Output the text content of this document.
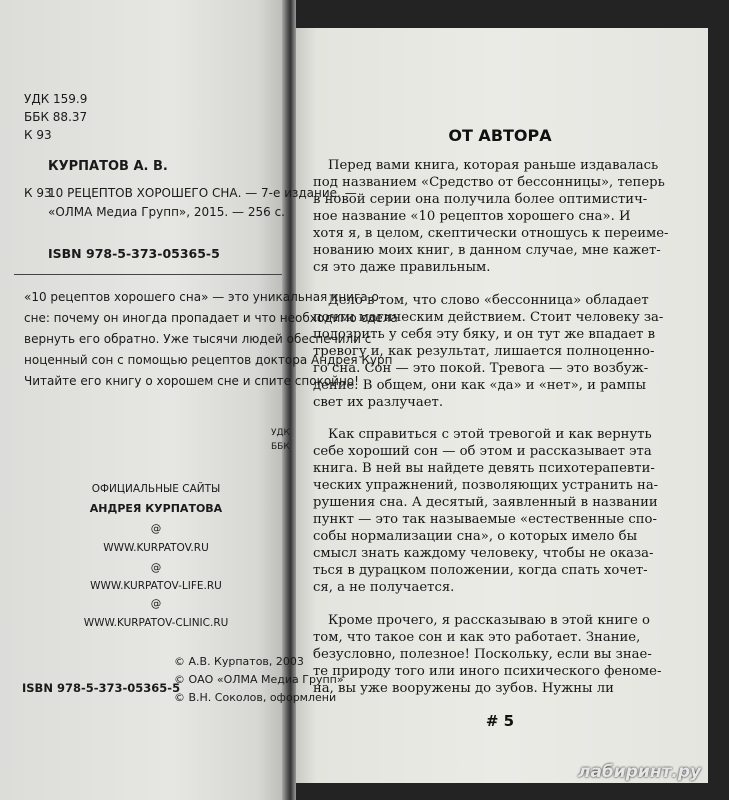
УДК 159.9
ББК 88.37
К 93
КУРПАТОВ А. В.
К 93
10 РЕЦЕПТОВ ХОРОШЕГО СНА. — 7-е издание. —
«ОЛМА Медиа Групп», 2015. — 256 с.
ISBN 978-5-373-05365-5
«10 рецептов хорошего сна» — это уникальная книга о
сне: почему он иногда пропадает и что необходимо сдела
вернуть его обратно. Уже тысячи людей обеспечили с
ноценный сон с помощью рецептов доктора Андрея Курп
Читайте его книгу о хорошем сне и спите спокойно!
УДК
ББК
ОФИЦИАЛЬНЫЕ САЙТЫ
АНДРЕЯ КУРПАТОВА
@
WWW.KURPATOV.RU
@
WWW.KURPATOV-LIFE.RU
@
WWW.KURPATOV-CLINIC.RU
© А.В. Курпатов, 2003
© ОАО «ОЛМА Медиа Групп»
© В.Н. Соколов, оформлени
ISBN 978-5-373-05365-5
ОТ АВТОРА
Перед вами книга, которая раньше издавалась
под названием «Средство от бессонницы», теперь
в новой серии она получила более оптимистич-
ное название «10 рецептов хорошего сна». И
хотя я, в целом, скептически отношусь к переиме-
нованию моих книг, в данном случае, мне кажет-
ся это даже правильным.
Дело в том, что слово «бессонница» обладает
почти магическим действием. Стоит человеку за-
подозрить у себя эту бяку, и он тут же впадает в
тревогу и, как результат, лишается полноценно-
го сна. Сон — это покой. Тревога — это возбуж-
дение. В общем, они как «да» и «нет», и рампы
свет их разлучает.
Как справиться с этой тревогой и как вернуть
себе хороший сон — об этом и рассказывает эта
книга. В ней вы найдете девять психотерапевти-
ческих упражнений, позволяющих устранить на-
рушения сна. А десятый, заявленный в названии
пункт — это так называемые «естественные спо-
собы нормализации сна», о которых имело бы
смысл знать каждому человеку, чтобы не оказа-
ться в дурацком положении, когда спать хочет-
ся, а не получается.
Кроме прочего, я рассказываю в этой книге о
том, что такое сон и как это работает. Знание,
безусловно, полезное! Поскольку, если вы знае-
те природу того или иного психического феноме-
на, вы уже вооружены до зубов. Нужны ли
# 5
лабиринт.ру
